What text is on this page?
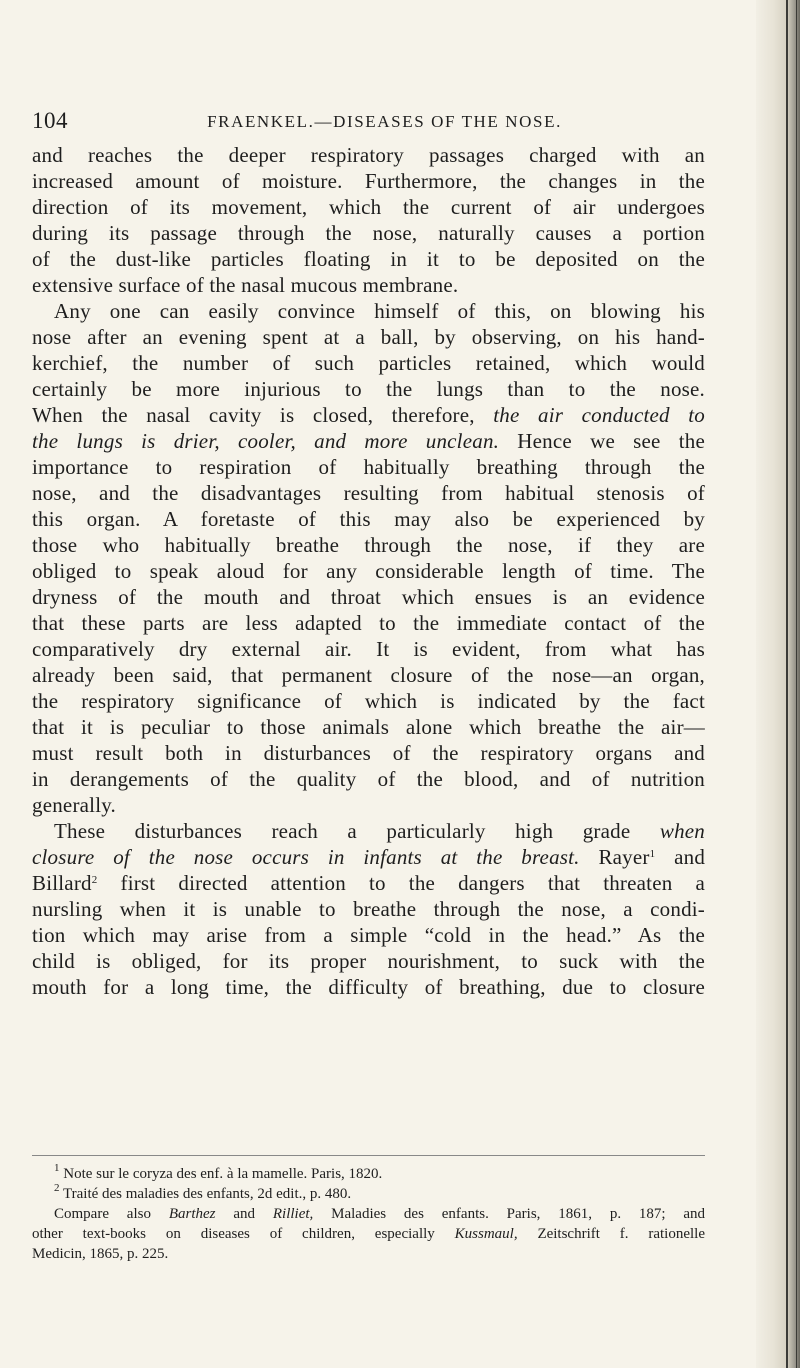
104	FRAENKEL.—DISEASES OF THE NOSE.
and reaches the deeper respiratory passages charged with an
increased amount of moisture. Furthermore, the changes in the
direction of its movement, which the current of air undergoes
during its passage through the nose, naturally causes a portion
of the dust-like particles floating in it to be deposited on the
extensive surface of the nasal mucous membrane.
Any one can easily convince himself of this, on blowing his
nose after an evening spent at a ball, by observing, on his hand-
kerchief, the number of such particles retained, which would
certainly be more injurious to the lungs than to the nose.
When the nasal cavity is closed, therefore, the air conducted to
the lungs is drier, cooler, and more unclean. Hence we see the
importance to respiration of habitually breathing through the
nose, and the disadvantages resulting from habitual stenosis of
this organ. A foretaste of this may also be experienced by
those who habitually breathe through the nose, if they are
obliged to speak aloud for any considerable length of time. The
dryness of the mouth and throat which ensues is an evidence
that these parts are less adapted to the immediate contact of the
comparatively dry external air. It is evident, from what has
already been said, that permanent closure of the nose—an organ,
the respiratory significance of which is indicated by the fact
that it is peculiar to those animals alone which breathe the air—
must result both in disturbances of the respiratory organs and
in derangements of the quality of the blood, and of nutrition
generally.
These disturbances reach a particularly high grade when
closure of the nose occurs in infants at the breast. Rayer$^1$ and
Billard$^2$ first directed attention to the dangers that threaten a
nursling when it is unable to breathe through the nose, a condi-
tion which may arise from a simple “cold in the head.” As the
child is obliged, for its proper nourishment, to suck with the
mouth for a long time, the difficulty of breathing, due to closure
$^1$ Note sur le coryza des enf. à la mamelle. Paris, 1820.
$^2$ Traité des maladies des enfants, 2d edit., p. 480.
Compare also Barthez and Rilliet, Maladies des enfants. Paris, 1861, p. 187; and
other text-books on diseases of children, especially Kussmaul, Zeitschrift f. rationelle
Medicin, 1865, p. 225.
